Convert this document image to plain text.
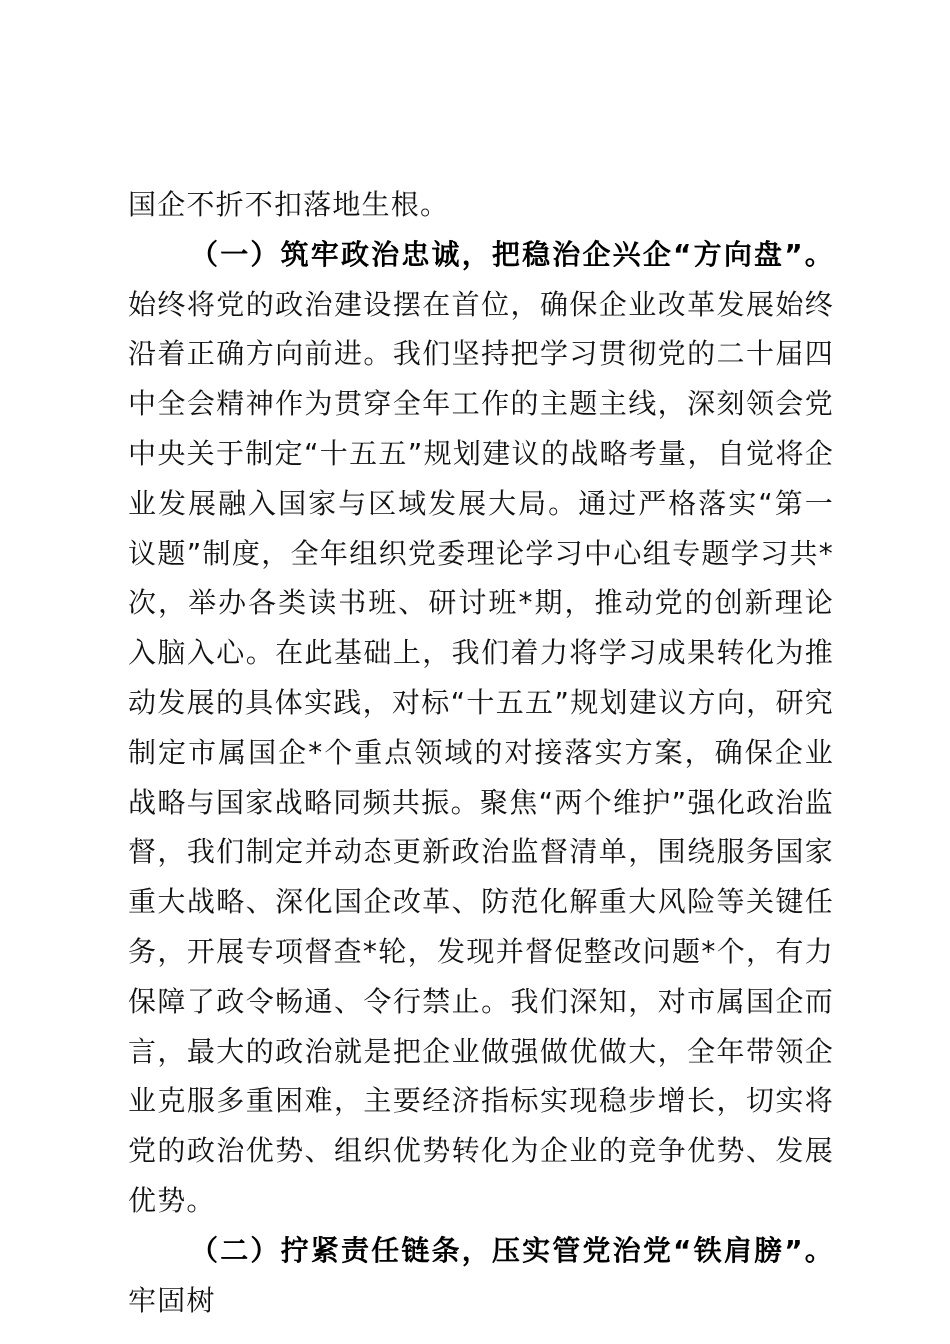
国企不折不扣落地生根。

（一）筑牢政治忠诚，把稳治企兴企“方向盘”。始终将党的政治建设摆在首位，确保企业改革发展始终沿着正确方向前进。我们坚持把学习贯彻党的二十届四中全会精神作为贯穿全年工作的主题主线，深刻领会党中央关于制定“十五五”规划建议的战略考量，自觉将企业发展融入国家与区域发展大局。通过严格落实“第一议题”制度，全年组织党委理论学习中心组专题学习共*次，举办各类读书班、研讨班*期，推动党的创新理论入脑入心。在此基础上，我们着力将学习成果转化为推动发展的具体实践，对标“十五五”规划建议方向，研究制定市属国企*个重点领域的对接落实方案，确保企业战略与国家战略同频共振。聚焦“两个维护”强化政治监督，我们制定并动态更新政治监督清单，围绕服务国家重大战略、深化国企改革、防范化解重大风险等关键任务，开展专项督查*轮，发现并督促整改问题*个，有力保障了政令畅通、令行禁止。我们深知，对市属国企而言，最大的政治就是把企业做强做优做大，全年带领企业克服多重困难，主要经济指标实现稳步增长，切实将党的政治优势、组织优势转化为企业的竞争优势、发展优势。

（二）拧紧责任链条，压实管党治党“铁肩膀”。牢固树
